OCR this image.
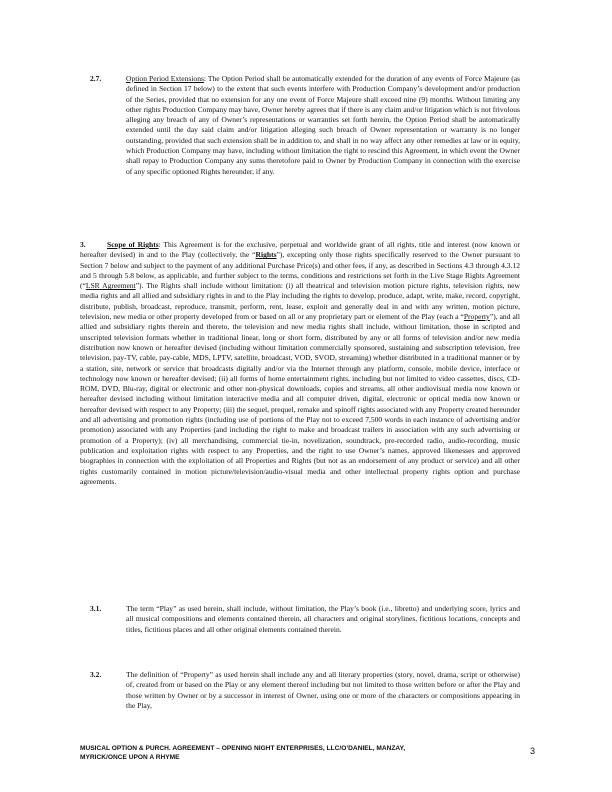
2.7.	Option Period Extensions: The Option Period shall be automatically extended for the duration of any events of Force Majeure (as defined in Section 17 below) to the extent that such events interfere with Production Company’s development and/or production of the Series, provided that no extension for any one event of Force Majeure shall exceed nine (9) months. Without limiting any other rights Production Company may have, Owner hereby agrees that if there is any claim and/or litigation which is not frivolous alleging any breach of any of Owner’s representations or warranties set forth herein, the Option Period shall be automatically extended until the day said claim and/or litigation alleging such breach of Owner representation or warranty is no longer outstanding, provided that such extension shall be in addition to, and shall in no way affect any other remedies at law or in equity, which Production Company may have, including without limitation the right to rescind this Agreement, in which event the Owner shall repay to Production Company any sums theretofore paid to Owner by Production Company in connection with the exercise of any specific optioned Rights hereunder, if any.

3.	Scope of Rights: This Agreement is for the exclusive, perpetual and worldwide grant of all rights, title and interest (now known or hereafter devised) in and to the Play (collectively, the “Rights”), excepting only those rights specifically reserved to the Owner pursuant to Section 7 below and subject to the payment of any additional Purchase Price(s) and other fees, if any, as described in Sections 4.3 through 4.3.12 and 5 through 5.8 below, as applicable, and further subject to the terms, conditions and restrictions set forth in the Live Stage Rights Agreement (“LSR Agreement”). The Rights shall include without limitation: (i) all theatrical and television motion picture rights, television rights, new media rights and all allied and subsidiary rights in and to the Play including the rights to develop, produce, adapt, write, make, record, copyright, distribute, publish, broadcast, reproduce, transmit, perform, rent, lease, exploit and generally deal in and with any written, motion picture, television, new media or other property developed from or based on all or any proprietary part or element of the Play (each a “Property”), and all allied and subsidiary rights therein and thereto, the television and new media rights shall include, without limitation, those in scripted and unscripted television formats whether in traditional linear, long or short form, distributed by any or all forms of television and/or new media distribution now known or hereafter devised (including without limitation commercially sponsored, sustaining and subscription television, free television, pay-TV, cable, pay-cable, MDS, LPTV, satellite, broadcast, VOD, SVOD, streaming) whether distributed in a traditional manner or by a station, site, network or service that broadcasts digitally and/or via the Internet through any platform, console, mobile device, interface or technology now known or hereafter devised; (ii) all forms of home entertainment rights, including but not limited to video cassettes, discs, CD-ROM, DVD, Blu-ray, digital or electronic and other non-physical downloads, copies and streams, all other audiovisual media now known or hereafter devised including without limitation interactive media and all computer driven, digital, electronic or optical media now known or hereafter devised with respect to any Property; (iii) the sequel, prequel, remake and spinoff rights associated with any Property created hereunder and all advertising and promotion rights (including use of portions of the Play not to exceed 7,500 words in each instance of advertising and/or promotion) associated with any Properties (and including the right to make and broadcast trailers in association with any such advertising or promotion of a Property); (iv) all merchandising, commercial tie-in, novelization, soundtrack, pre-recorded radio, audio-recording, music publication and exploitation rights with respect to any Properties, and the right to use Owner’s names, approved likenesses and approved biographies in connection with the exploitation of all Properties and Rights (but not as an endorsement of any product or service) and all other rights customarily contained in motion picture/television/audio-visual media and other intellectual property rights option and purchase agreements.

3.1.	The term “Play” as used herein, shall include, without limitation, the Play’s book (i.e., libretto) and underlying score, lyrics and all musical compositions and elements contained therein, all characters and original storylines, fictitious locations, concepts and titles, fictitious places and all other original elements contained therein.

3.2.	The definition of “Property” as used herein shall include any and all literary properties (story, novel, drama, script or otherwise) of, created from or based on the Play or any element thereof including but not limited to those written before or after the Play and those written by Owner or by a successor in interest of Owner, using one or more of the characters or compositions appearing in the Play,

MUSICAL OPTION & PURCH. AGREEMENT – OPENING NIGHT ENTERPRISES, LLC/O’DANIEL, MANZAY,
MYRICK/ONCE UPON A RHYME
3
